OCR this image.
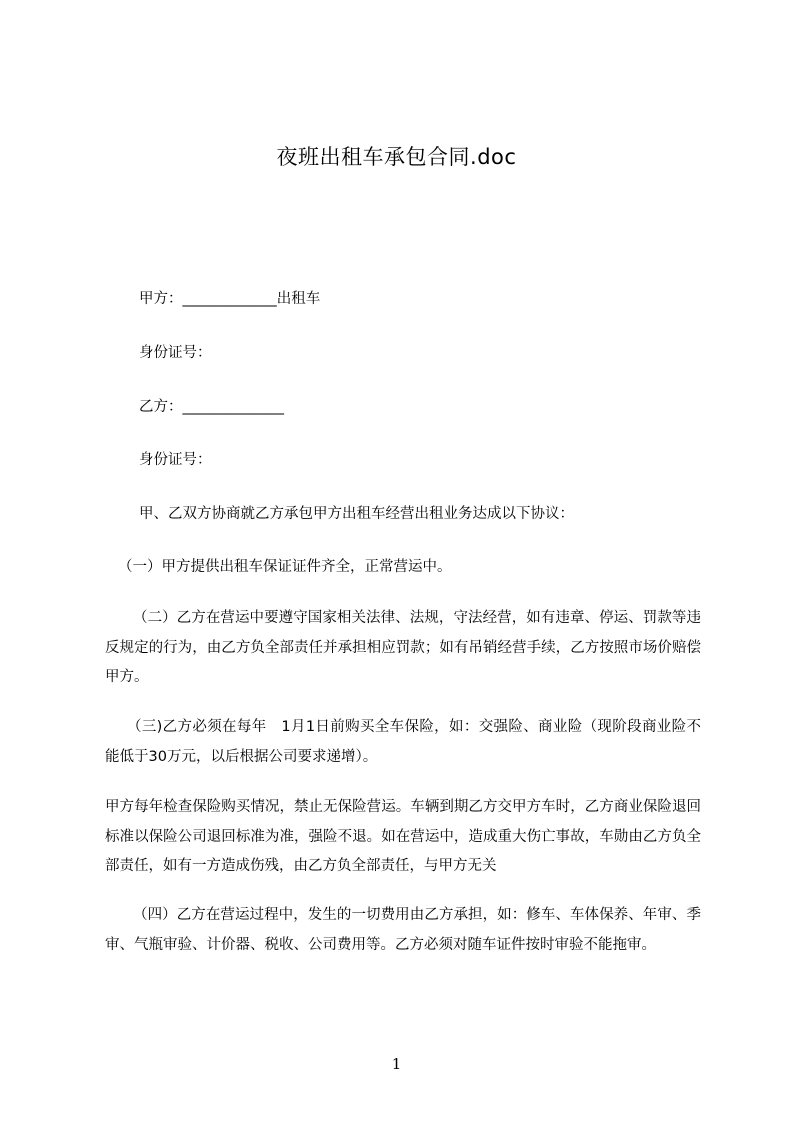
夜班出租车承包合同.doc
甲方：_____________出租车
身份证号：
乙方：______________
身份证号：
甲、乙双方协商就乙方承包甲方出租车经营出租业务达成以下协议：
（一）甲方提供出租车保证证件齐全，正常营运中。
（二）乙方在营运中要遵守国家相关法律、法规，守法经营，如有违章、停运、罚款等违反规定的行为，由乙方负全部责任并承担相应罚款；如有吊销经营手续，乙方按照市场价赔偿甲方。
（三)乙方必须在每年　1月1日前购买全车保险，如：交强险、商业险（现阶段商业险不能低于30万元，以后根据公司要求递增）。
甲方每年检查保险购买情况，禁止无保险营运。车辆到期乙方交甲方车时，乙方商业保险退回标准以保险公司退回标准为准，强险不退。如在营运中，造成重大伤亡事故，车勋由乙方负全部责任，如有一方造成伤残，由乙方负全部责任，与甲方无关
（四）乙方在营运过程中，发生的一切费用由乙方承担，如：修车、车体保养、年审、季审、气瓶审验、计价器、税收、公司费用等。乙方必须对随车证件按时审验不能拖审。
1
